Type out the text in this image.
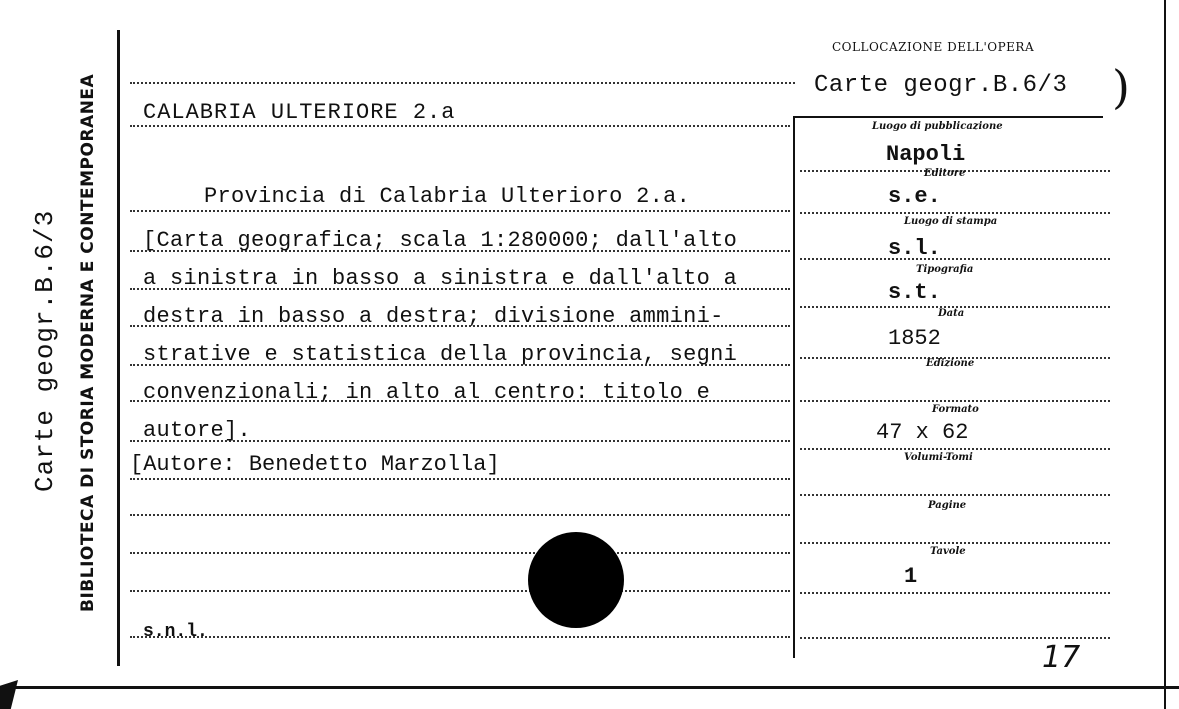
Carte geogr.B.6/3 BIBLIOTECA DI STORIA MODERNA E CONTEMPORANEA
COLLOCAZIONE DELL'OPERA
Carte geogr.B.6/3 )
CALABRIA ULTERIORE 2.a
Provincia di Calabria Ulterioro 2.a.
[Carta geografica; scala 1:280000; dall'alto
a sinistra in basso a sinistra e dall'alto a
destra in basso a destra; divisione ammini-
strative e statistica della provincia, segni
convenzionali; in alto al centro: titolo e
autore].
[Autore: Benedetto Marzolla]
s.n.l.
Luogo di pubblicazione
Napoli
Editore
s.e.
Luogo di stampa
s.l.
Tipografia
s.t.
Data
1852
Edizione
Formato
47 x 62
Volumi-Tomi
Pagine
Tavole
1
17
